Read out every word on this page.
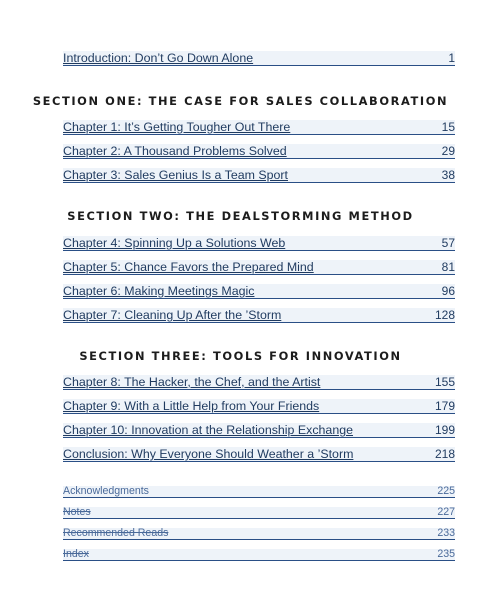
Introduction: Don’t Go Down Alone	1
SECTION ONE: THE CASE FOR SALES COLLABORATION
Chapter 1: It’s Getting Tougher Out There	15
Chapter 2: A Thousand Problems Solved	29
Chapter 3: Sales Genius Is a Team Sport	38
SECTION TWO: THE DEALSTORMING METHOD
Chapter 4: Spinning Up a Solutions Web	57
Chapter 5: Chance Favors the Prepared Mind	81
Chapter 6: Making Meetings Magic	96
Chapter 7: Cleaning Up After the ’Storm	128
SECTION THREE: TOOLS FOR INNOVATION
Chapter 8: The Hacker, the Chef, and the Artist	155
Chapter 9: With a Little Help from Your Friends	179
Chapter 10: Innovation at the Relationship Exchange	199
Conclusion: Why Everyone Should Weather a ’Storm	218
Acknowledgments	225
Notes	227
Recommended Reads	233
Index	235
